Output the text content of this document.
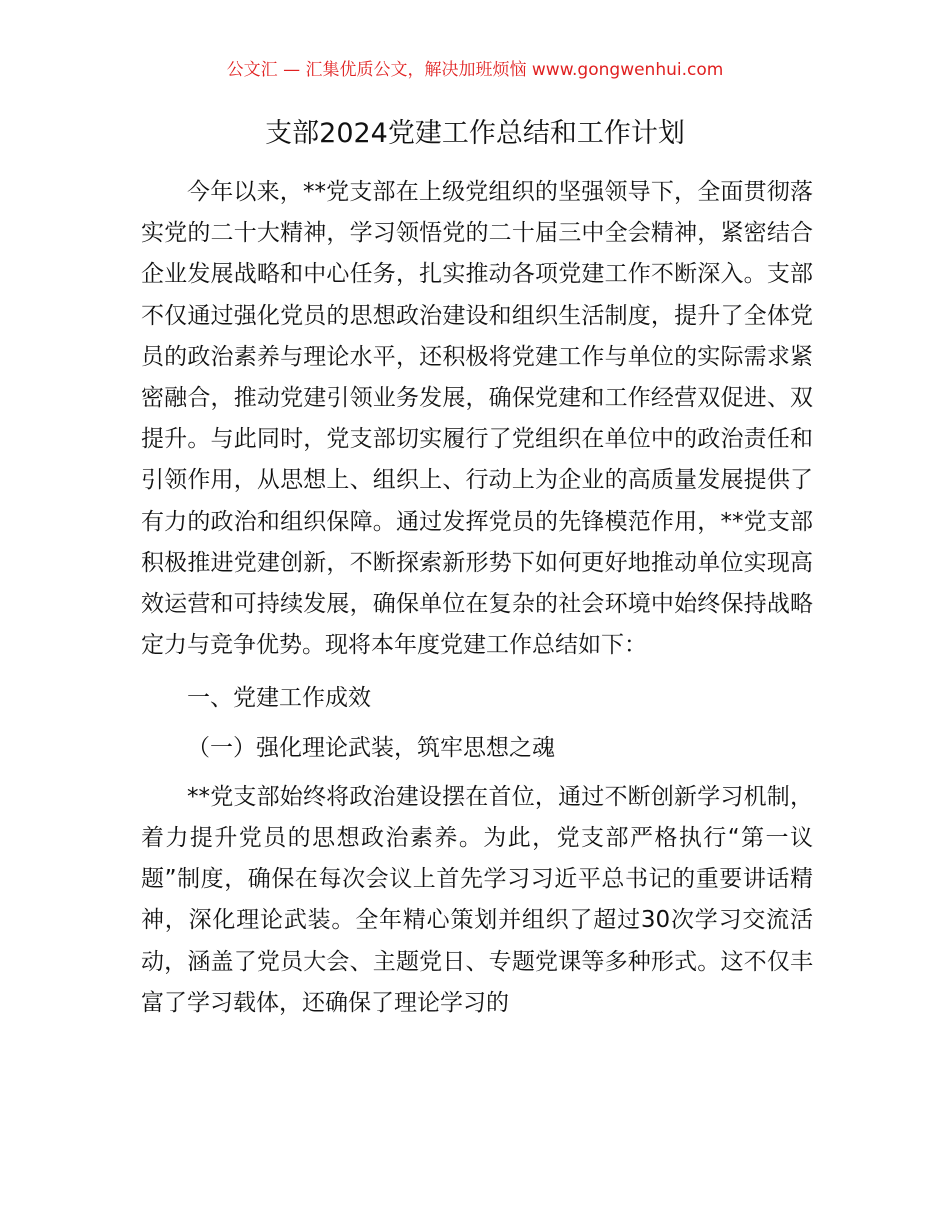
公文汇 — 汇集优质公文，解决加班烦恼 www.gongwenhui.com
支部2024党建工作总结和工作计划

今年以来，**党支部在上级党组织的坚强领导下，全面贯彻落实党的二十大精神，学习领悟党的二十届三中全会精神，紧密结合企业发展战略和中心任务，扎实推动各项党建工作不断深入。支部不仅通过强化党员的思想政治建设和组织生活制度，提升了全体党员的政治素养与理论水平，还积极将党建工作与单位的实际需求紧密融合，推动党建引领业务发展，确保党建和工作经营双促进、双提升。与此同时，党支部切实履行了党组织在单位中的政治责任和引领作用，从思想上、组织上、行动上为企业的高质量发展提供了有力的政治和组织保障。通过发挥党员的先锋模范作用，**党支部积极推进党建创新，不断探索新形势下如何更好地推动单位实现高效运营和可持续发展，确保单位在复杂的社会环境中始终保持战略定力与竞争优势。现将本年度党建工作总结如下：

一、党建工作成效

（一）强化理论武装，筑牢思想之魂

**党支部始终将政治建设摆在首位，通过不断创新学习机制，着力提升党员的思想政治素养。为此，党支部严格执行“第一议题”制度，确保在每次会议上首先学习习近平总书记的重要讲话精神，深化理论武装。全年精心策划并组织了超过30次学习交流活动，涵盖了党员大会、主题党日、专题党课等多种形式。这不仅丰富了学习载体，还确保了理论学习的
